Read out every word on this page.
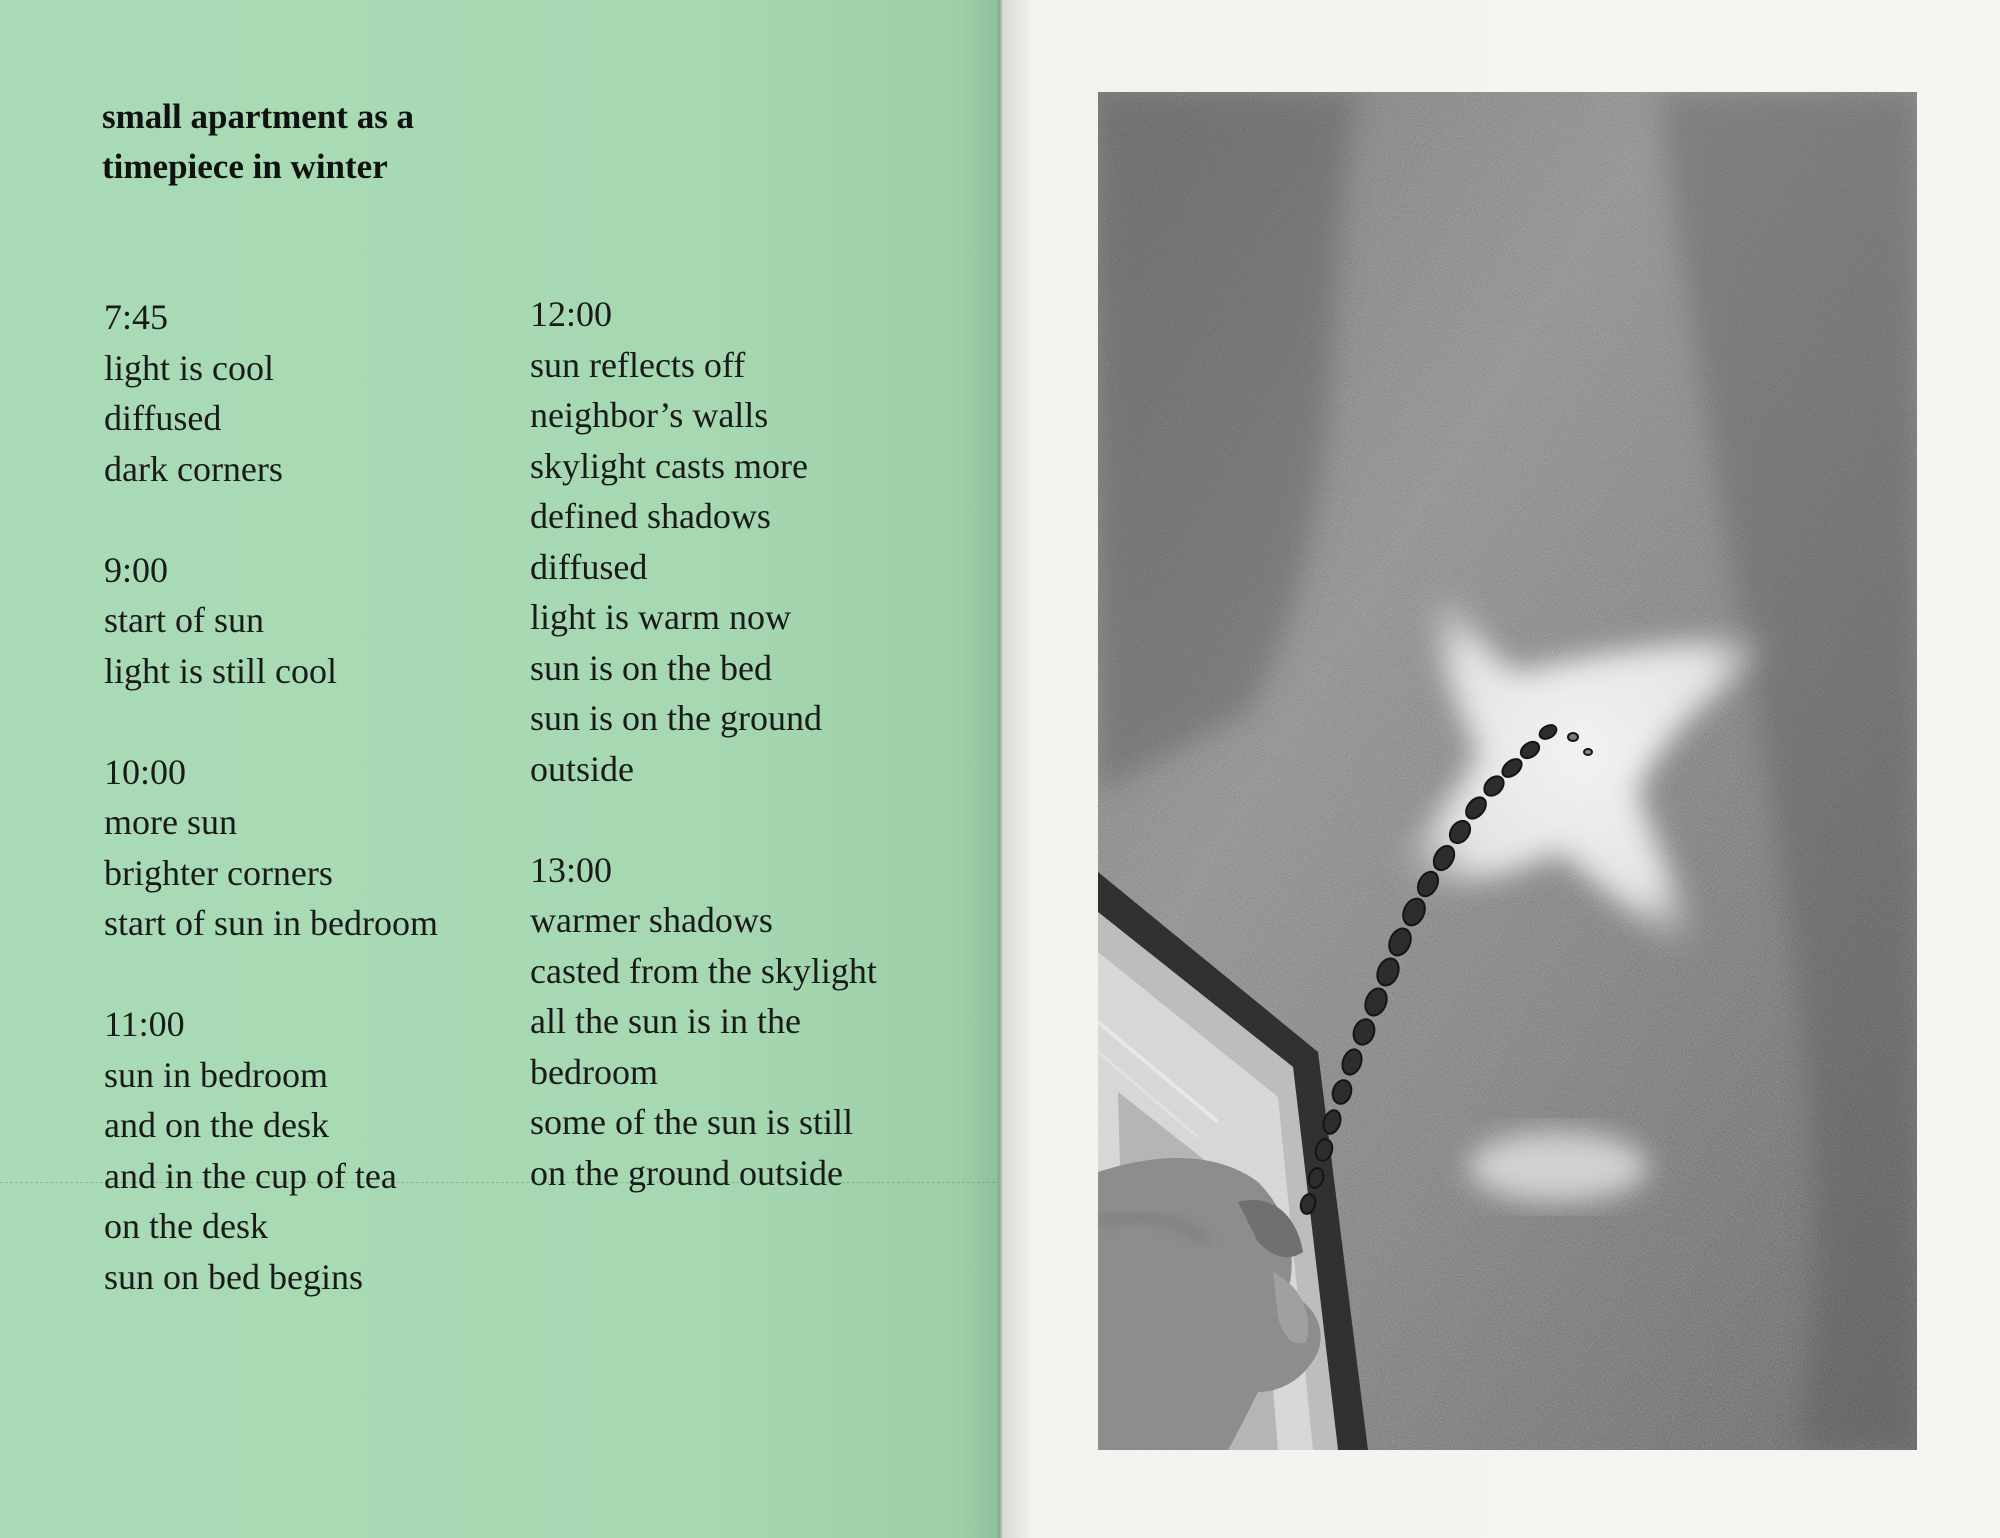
small apartment as a
timepiece in winter
7:45
light is cool
diffused
dark corners
9:00
start of sun
light is still cool
10:00
more sun
brighter corners
start of sun in bedroom
11:00
sun in bedroom
and on the desk
and in the cup of tea
on the desk
sun on bed begins
12:00
sun reflects off
neighbor’s walls
skylight casts more
defined shadows
diffused
light is warm now
sun is on the bed
sun is on the ground
outside
13:00
warmer shadows
casted from the skylight
all the sun is in the
bedroom
some of the sun is still
on the ground outside
